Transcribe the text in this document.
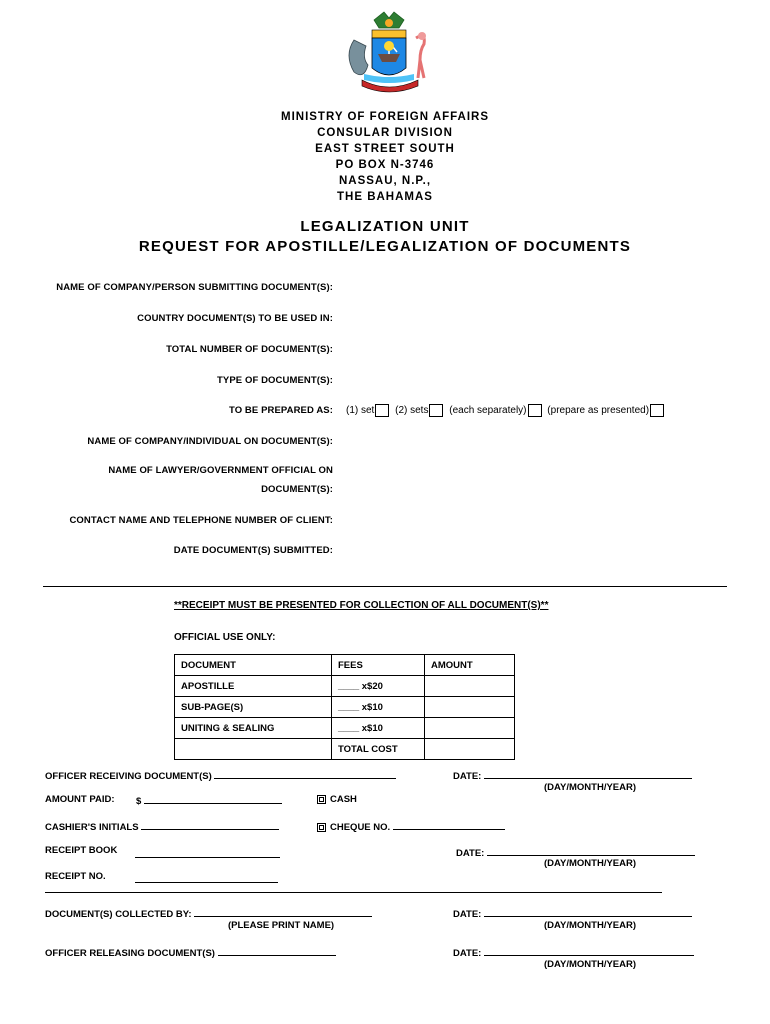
MINISTRY OF FOREIGN AFFAIRS
CONSULAR DIVISION
EAST STREET SOUTH
PO BOX N-3746
NASSAU, N.P.,
THE BAHAMAS
LEGALIZATION UNIT
REQUEST FOR APOSTILLE/LEGALIZATION OF DOCUMENTS
NAME OF COMPANY/PERSON SUBMITTING DOCUMENT(S):
COUNTRY DOCUMENT(S) TO BE USED IN:
TOTAL NUMBER OF DOCUMENT(S):
TYPE OF DOCUMENT(S):
TO BE PREPARED AS: (1) set (2) sets (each separately) (prepare as presented)
NAME OF COMPANY/INDIVIDUAL ON DOCUMENT(S):
NAME OF LAWYER/GOVERNMENT OFFICIAL ON
DOCUMENT(S):
CONTACT NAME AND TELEPHONE NUMBER OF CLIENT:
DATE DOCUMENT(S) SUBMITTED:
**RECEIPT MUST BE PRESENTED FOR COLLECTION OF ALL DOCUMENT(S)**
OFFICIAL USE ONLY:
DOCUMENT	FEES	AMOUNT
APOSTILLE	____ x$20	
SUB-PAGE(S)	____ x$10	
UNITING & SEALING	____ x$10	
	TOTAL COST	
OFFICER RECEIVING DOCUMENT(S)	DATE:
(DAY/MONTH/YEAR)
AMOUNT PAID: $	CASH
CASHIER'S INITIALS	CHEQUE NO.
RECEIPT BOOK	DATE:
(DAY/MONTH/YEAR)
RECEIPT NO.
DOCUMENT(S) COLLECTED BY:	DATE:
(PLEASE PRINT NAME)	(DAY/MONTH/YEAR)
OFFICER RELEASING DOCUMENT(S)	DATE:
(DAY/MONTH/YEAR)
